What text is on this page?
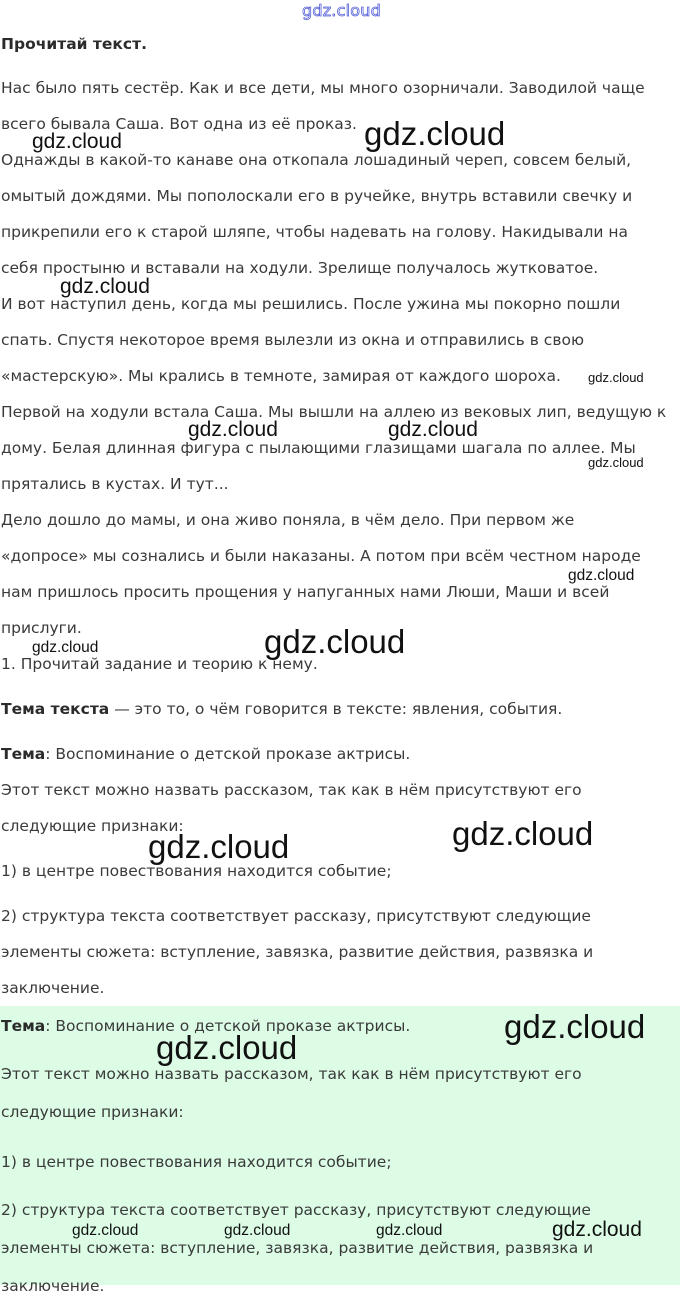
gdz.cloud

Прочитай текст.

Нас было пять сестёр. Как и все дети, мы много озорничали. Заводилой чаще

всего бывала Саша. Вот одна из её проказ.

Однажды в какой-то канаве она откопала лошадиный череп, совсем белый,

омытый дождями. Мы пополоскали его в ручейке, внутрь вставили свечку и

прикрепили его к старой шляпе, чтобы надевать на голову. Накидывали на

себя простыню и вставали на ходули. Зрелище получалось жутковатое.

И вот наступил день, когда мы решились. После ужина мы покорно пошли

спать. Спустя некоторое время вылезли из окна и отправились в свою

«мастерскую». Мы крались в темноте, замирая от каждого шороха.

Первой на ходули встала Саша. Мы вышли на аллею из вековых лип, ведущую к

дому. Белая длинная фигура с пылающими глазищами шагала по аллее. Мы

прятались в кустах. И тут...

Дело дошло до мамы, и она живо поняла, в чём дело. При первом же

«допросе» мы сознались и были наказаны. А потом при всём честном народе

нам пришлось просить прощения у напуганных нами Люши, Маши и всей

прислуги.

1. Прочитай задание и теорию к нему.

Тема текста — это то, о чём говорится в тексте: явления, события.

Тема: Воспоминание о детской проказе актрисы.

Этот текст можно назвать рассказом, так как в нём присутствуют его

следующие признаки:

1) в центре повествования находится событие;

2) структура текста соответствует рассказу, присутствуют следующие

элементы сюжета: вступление, завязка, развитие действия, развязка и

заключение.

Тема: Воспоминание о детской проказе актрисы.

Этот текст можно назвать рассказом, так как в нём присутствуют его

следующие признаки:

1) в центре повествования находится событие;

2) структура текста соответствует рассказу, присутствуют следующие

элементы сюжета: вступление, завязка, развитие действия, развязка и

заключение.

gdz.cloud	gdz.cloud
gdz.cloud
gdz.cloud
gdz.cloud	gdz.cloud
gdz.cloud
gdz.cloud
gdz.cloud
gdz.cloud
gdz.cloud
gdz.cloud
gdz.cloud
gdz.cloud
gdz.cloud	gdz.cloud	gdz.cloud	gdz.cloud
